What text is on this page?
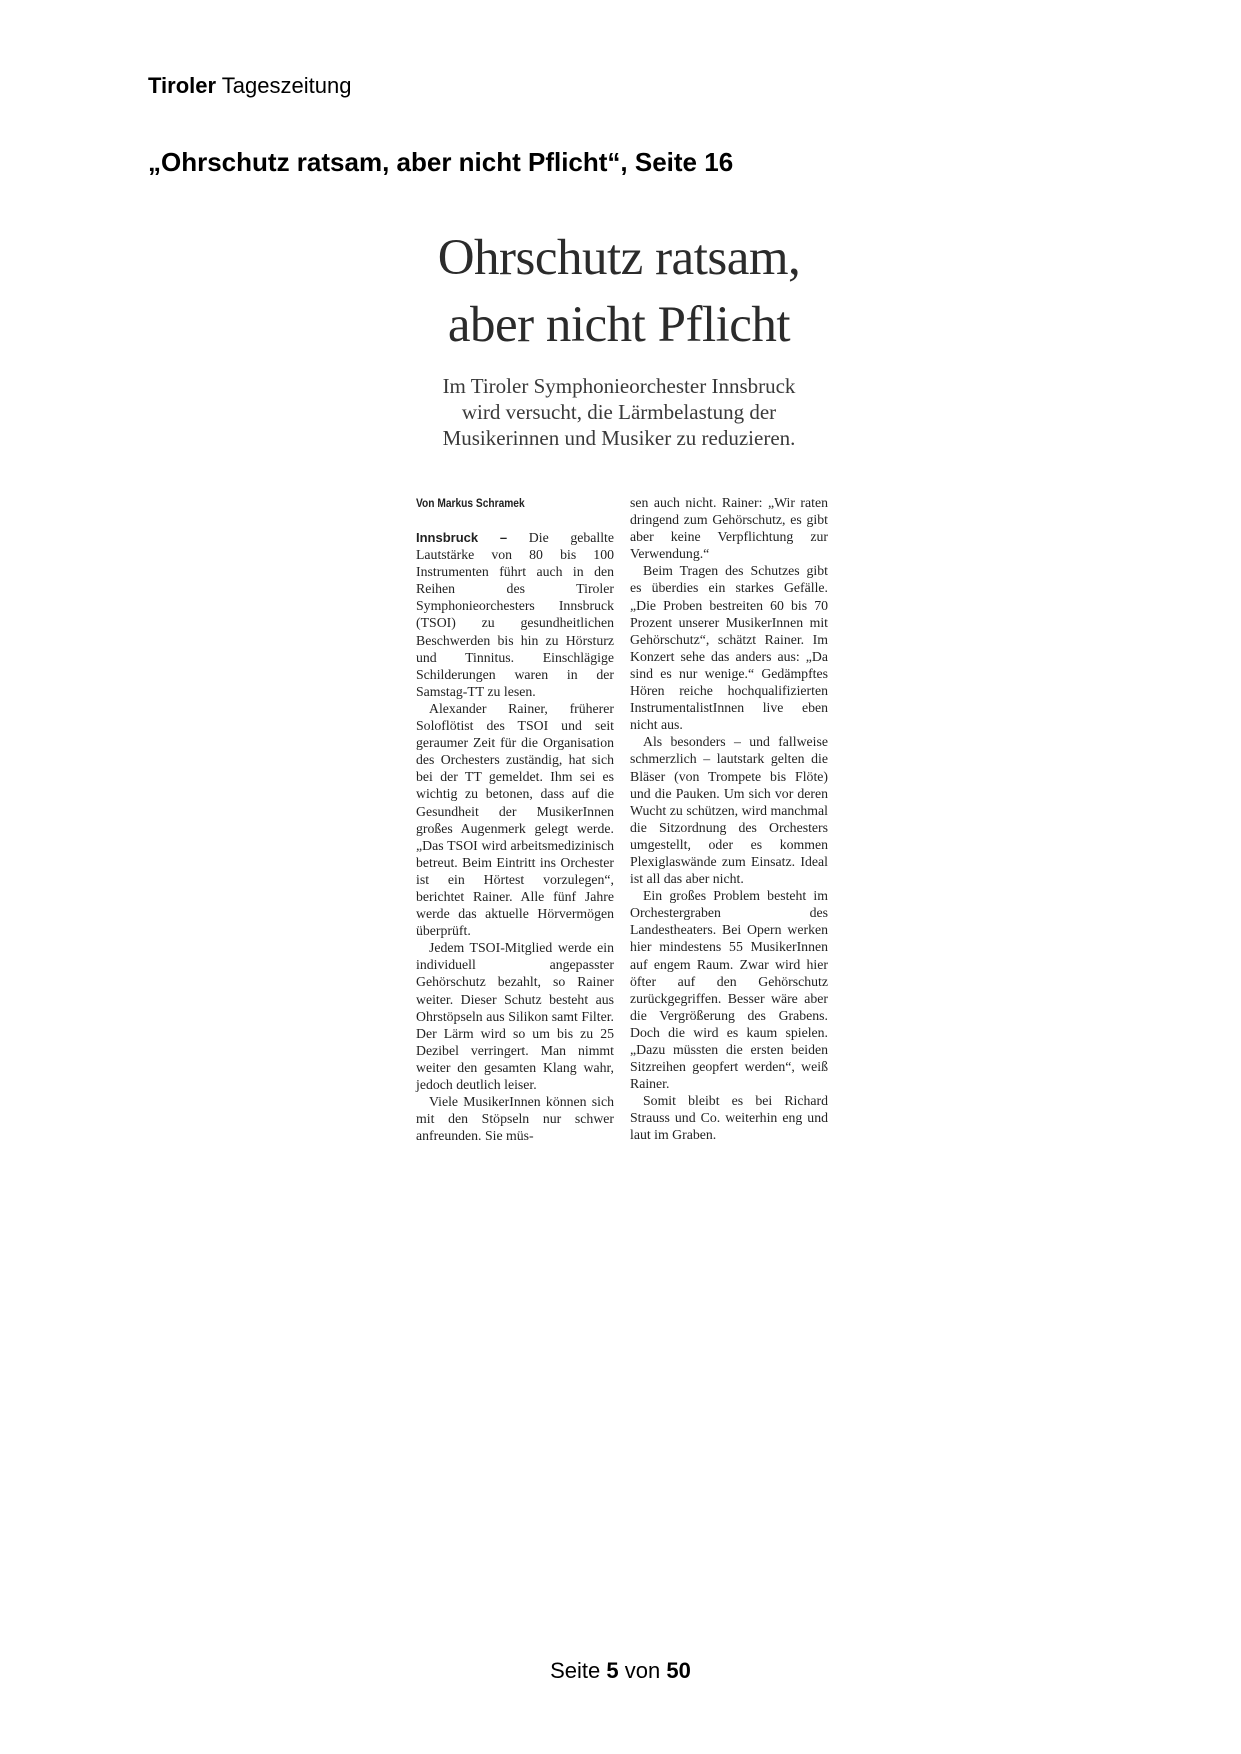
Tiroler Tageszeitung
„Ohrschutz ratsam, aber nicht Pflicht“, Seite 16
Ohrschutz ratsam,
aber nicht Pflicht
Im Tiroler Symphonieorchester Innsbruck
wird versucht, die Lärmbelastung der
Musikerinnen und Musiker zu reduzieren.
Von Markus Schramek

Innsbruck – Die geballte Lautstärke von 80 bis 100 Instrumenten führt auch in den Reihen des Tiroler Symphonieorchesters Innsbruck (TSOI) zu gesundheitlichen Beschwerden bis hin zu Hörsturz und Tinnitus. Einschlägige Schilderungen waren in der Samstag-TT zu lesen.

Alexander Rainer, früherer Soloflötist des TSOI und seit geraumer Zeit für die Organisation des Orchesters zuständig, hat sich bei der TT gemeldet. Ihm sei es wichtig zu betonen, dass auf die Gesundheit der MusikerInnen großes Augenmerk gelegt werde. „Das TSOI wird arbeitsmedizinisch betreut. Beim Eintritt ins Orchester ist ein Hörtest vorzulegen“, berichtet Rainer. Alle fünf Jahre werde das aktuelle Hörvermögen überprüft.

Jedem TSOI-Mitglied werde ein individuell angepasster Gehörschutz bezahlt, so Rainer weiter. Dieser Schutz besteht aus Ohrstöpseln aus Silikon samt Filter. Der Lärm wird so um bis zu 25 Dezibel verringert. Man nimmt weiter den gesamten Klang wahr, jedoch deutlich leiser.

Viele MusikerInnen können sich mit den Stöpseln nur schwer anfreunden. Sie müs-

sen auch nicht. Rainer: „Wir raten dringend zum Gehörschutz, es gibt aber keine Verpflichtung zur Verwendung.“

Beim Tragen des Schutzes gibt es überdies ein starkes Gefälle. „Die Proben bestreiten 60 bis 70 Prozent unserer MusikerInnen mit Gehörschutz“, schätzt Rainer. Im Konzert sehe das anders aus: „Da sind es nur wenige.“ Gedämpftes Hören reiche hochqualifizierten InstrumentalistInnen live eben nicht aus.

Als besonders – und fallweise schmerzlich – lautstark gelten die Bläser (von Trompete bis Flöte) und die Pauken. Um sich vor deren Wucht zu schützen, wird manchmal die Sitzordnung des Orchesters umgestellt, oder es kommen Plexiglaswände zum Einsatz. Ideal ist all das aber nicht.

Ein großes Problem besteht im Orchestergraben des Landestheaters. Bei Opern werken hier mindestens 55 MusikerInnen auf engem Raum. Zwar wird hier öfter auf den Gehörschutz zurückgegriffen. Besser wäre aber die Vergrößerung des Grabens. Doch die wird es kaum spielen. „Dazu müssten die ersten beiden Sitzreihen geopfert werden“, weiß Rainer.

Somit bleibt es bei Richard Strauss und Co. weiterhin eng und laut im Graben.

Seite 5 von 50
